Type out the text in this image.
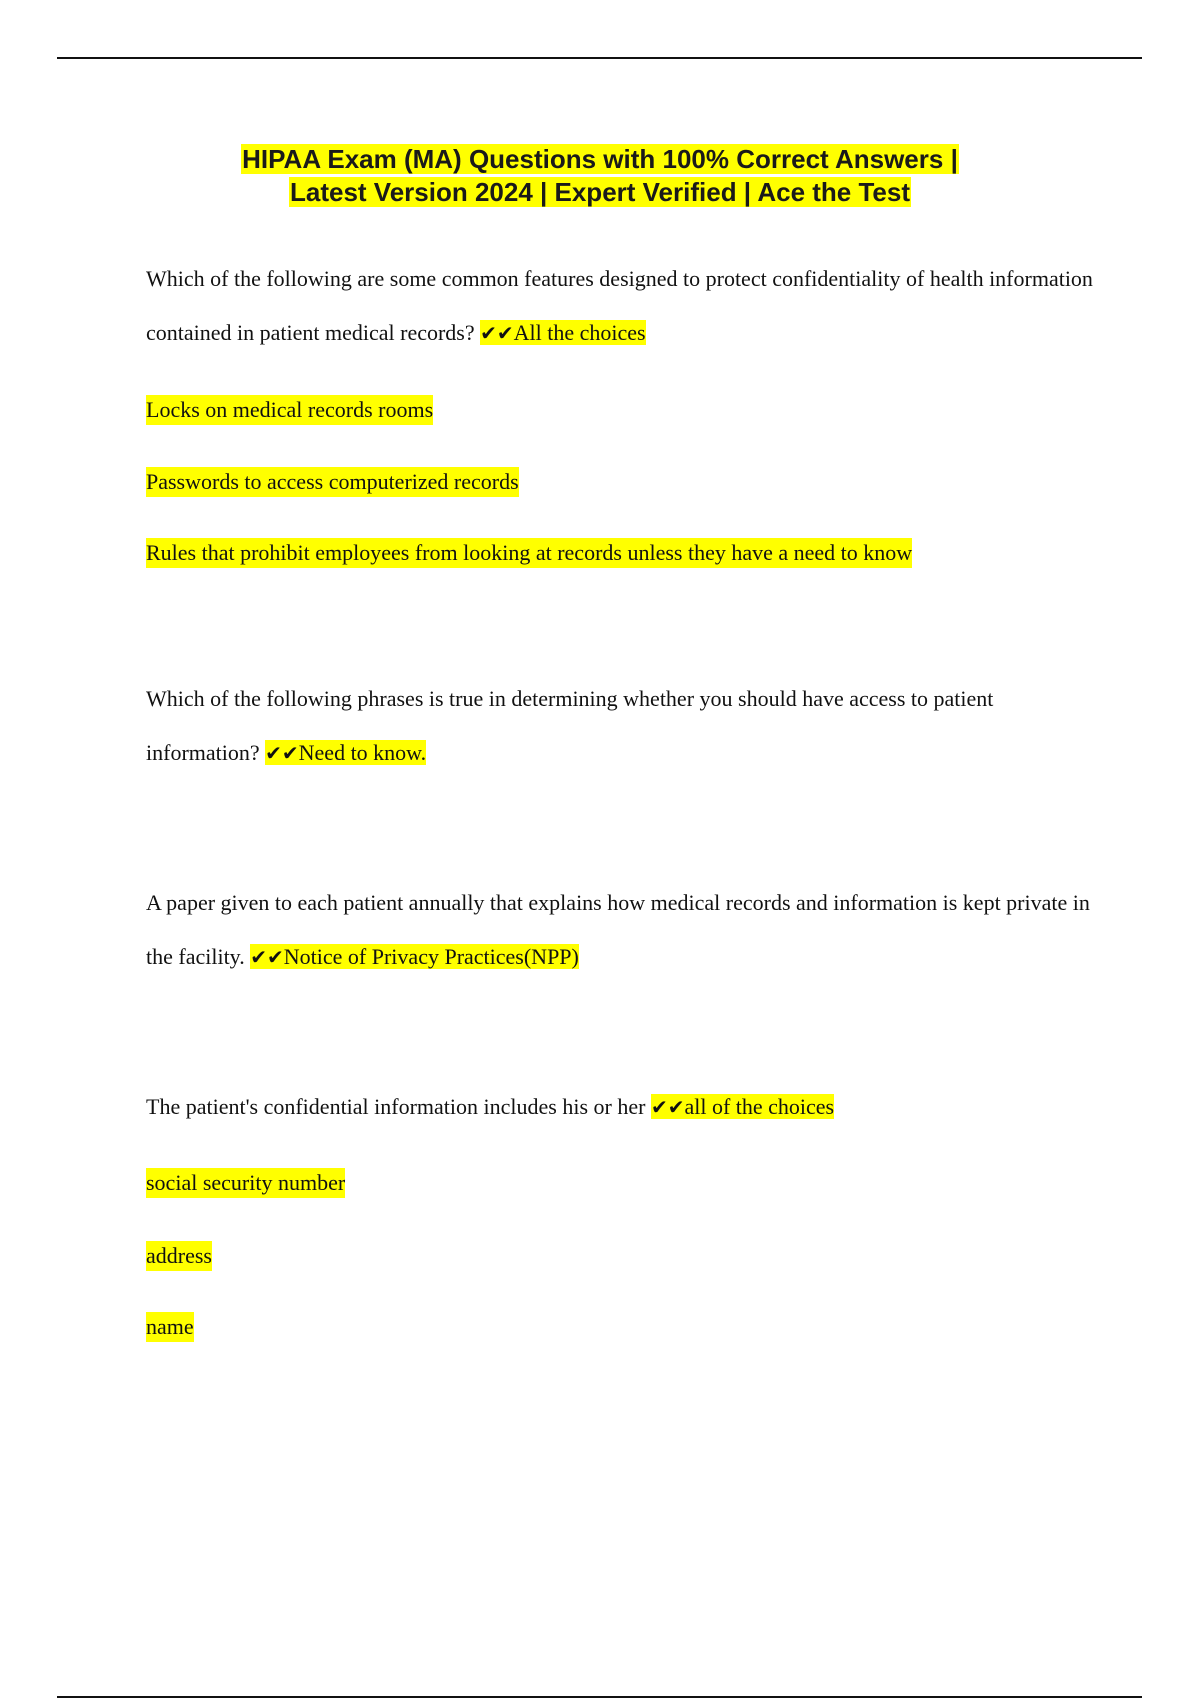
HIPAA Exam (MA) Questions with 100% Correct Answers |
Latest Version 2024 | Expert Verified | Ace the Test
Which of the following are some common features designed to protect confidentiality of health information contained in patient medical records? ✔✔All the choices
Locks on medical records rooms
Passwords to access computerized records
Rules that prohibit employees from looking at records unless they have a need to know
Which of the following phrases is true in determining whether you should have access to patient information? ✔✔Need to know.
A paper given to each patient annually that explains how medical records and information is kept private in the facility. ✔✔Notice of Privacy Practices(NPP)
The patient's confidential information includes his or her ✔✔all of the choices
social security number
address
name
